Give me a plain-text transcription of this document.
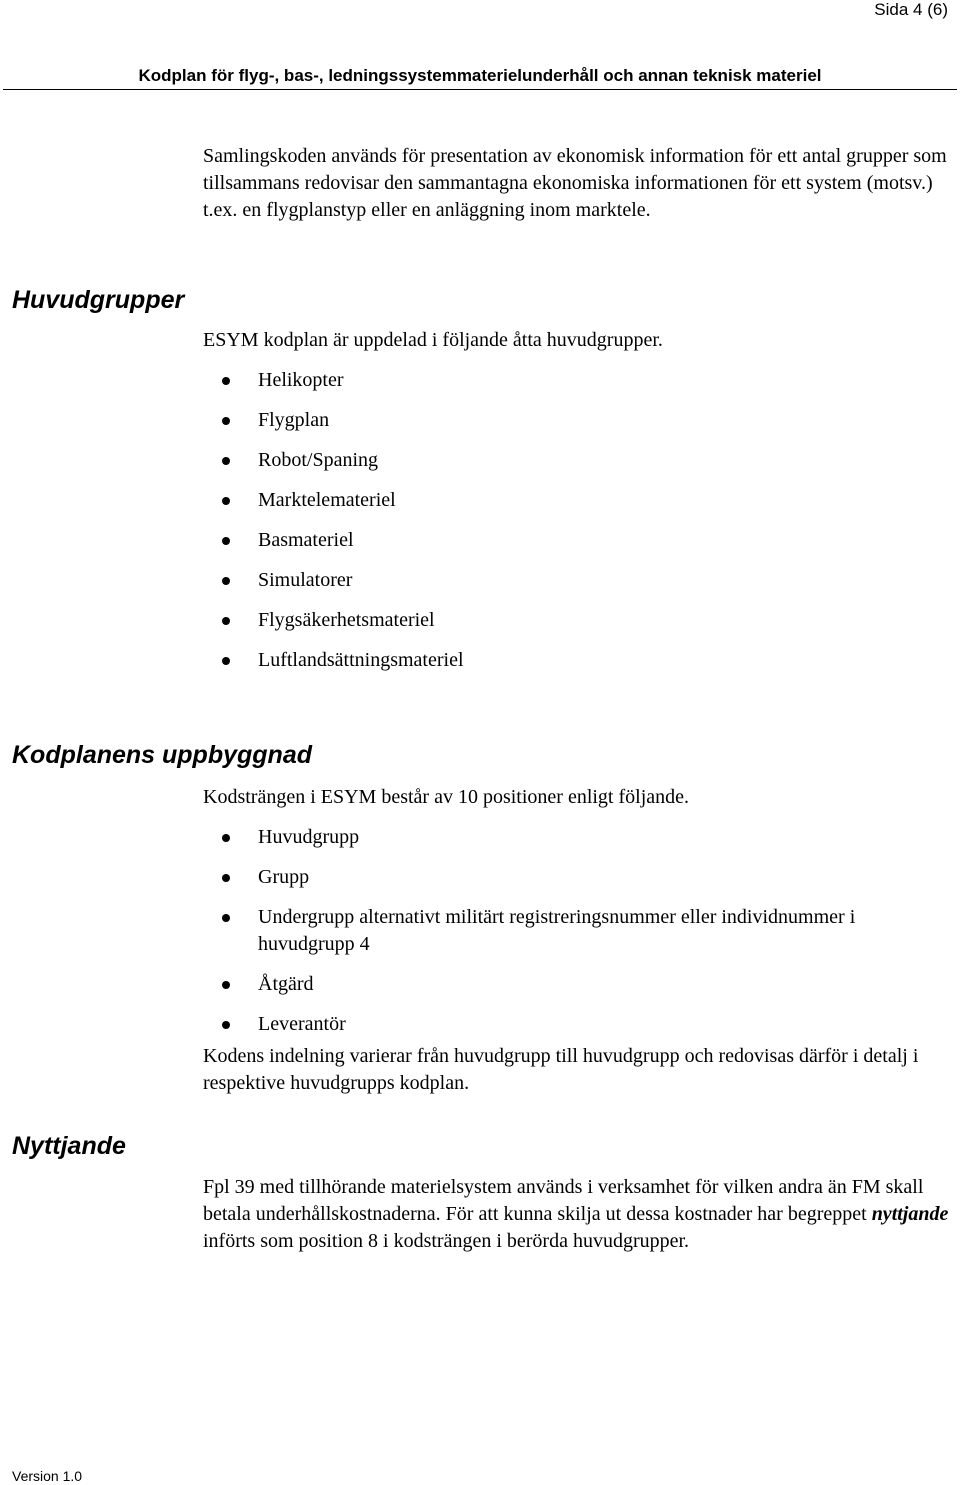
Sida 4 (6)
Kodplan för flyg-, bas-, ledningssystemmaterielunderhåll och annan teknisk materiel

Samlingskoden används för presentation av ekonomisk information för ett antal grupper som tillsammans redovisar den sammantagna ekonomiska informationen för ett system (motsv.) t.ex. en flygplanstyp eller en anläggning inom marktele.

Huvudgrupper

ESYM kodplan är uppdelad i följande åtta huvudgrupper.

Helikopter
Flygplan
Robot/Spaning
Marktelemateriel
Basmateriel
Simulatorer
Flygsäkerhetsmateriel
Luftlandsättningsmateriel
Kodplanens uppbyggnad

Kodsträngen i ESYM består av 10 positioner enligt följande.

Huvudgrupp
Grupp
Undergrupp alternativt militärt registreringsnummer eller individnummer i huvudgrupp 4
Åtgärd
Leverantör

Kodens indelning varierar från huvudgrupp till huvudgrupp och redovisas därför i detalj i respektive huvudgrupps kodplan.

Nyttjande

Fpl 39 med tillhörande materielsystem används i verksamhet för vilken andra än FM skall betala underhållskostnaderna. För att kunna skilja ut dessa kostnader har begreppet nyttjande införts som position 8 i kodsträngen i berörda huvudgrupper.

Version 1.0
